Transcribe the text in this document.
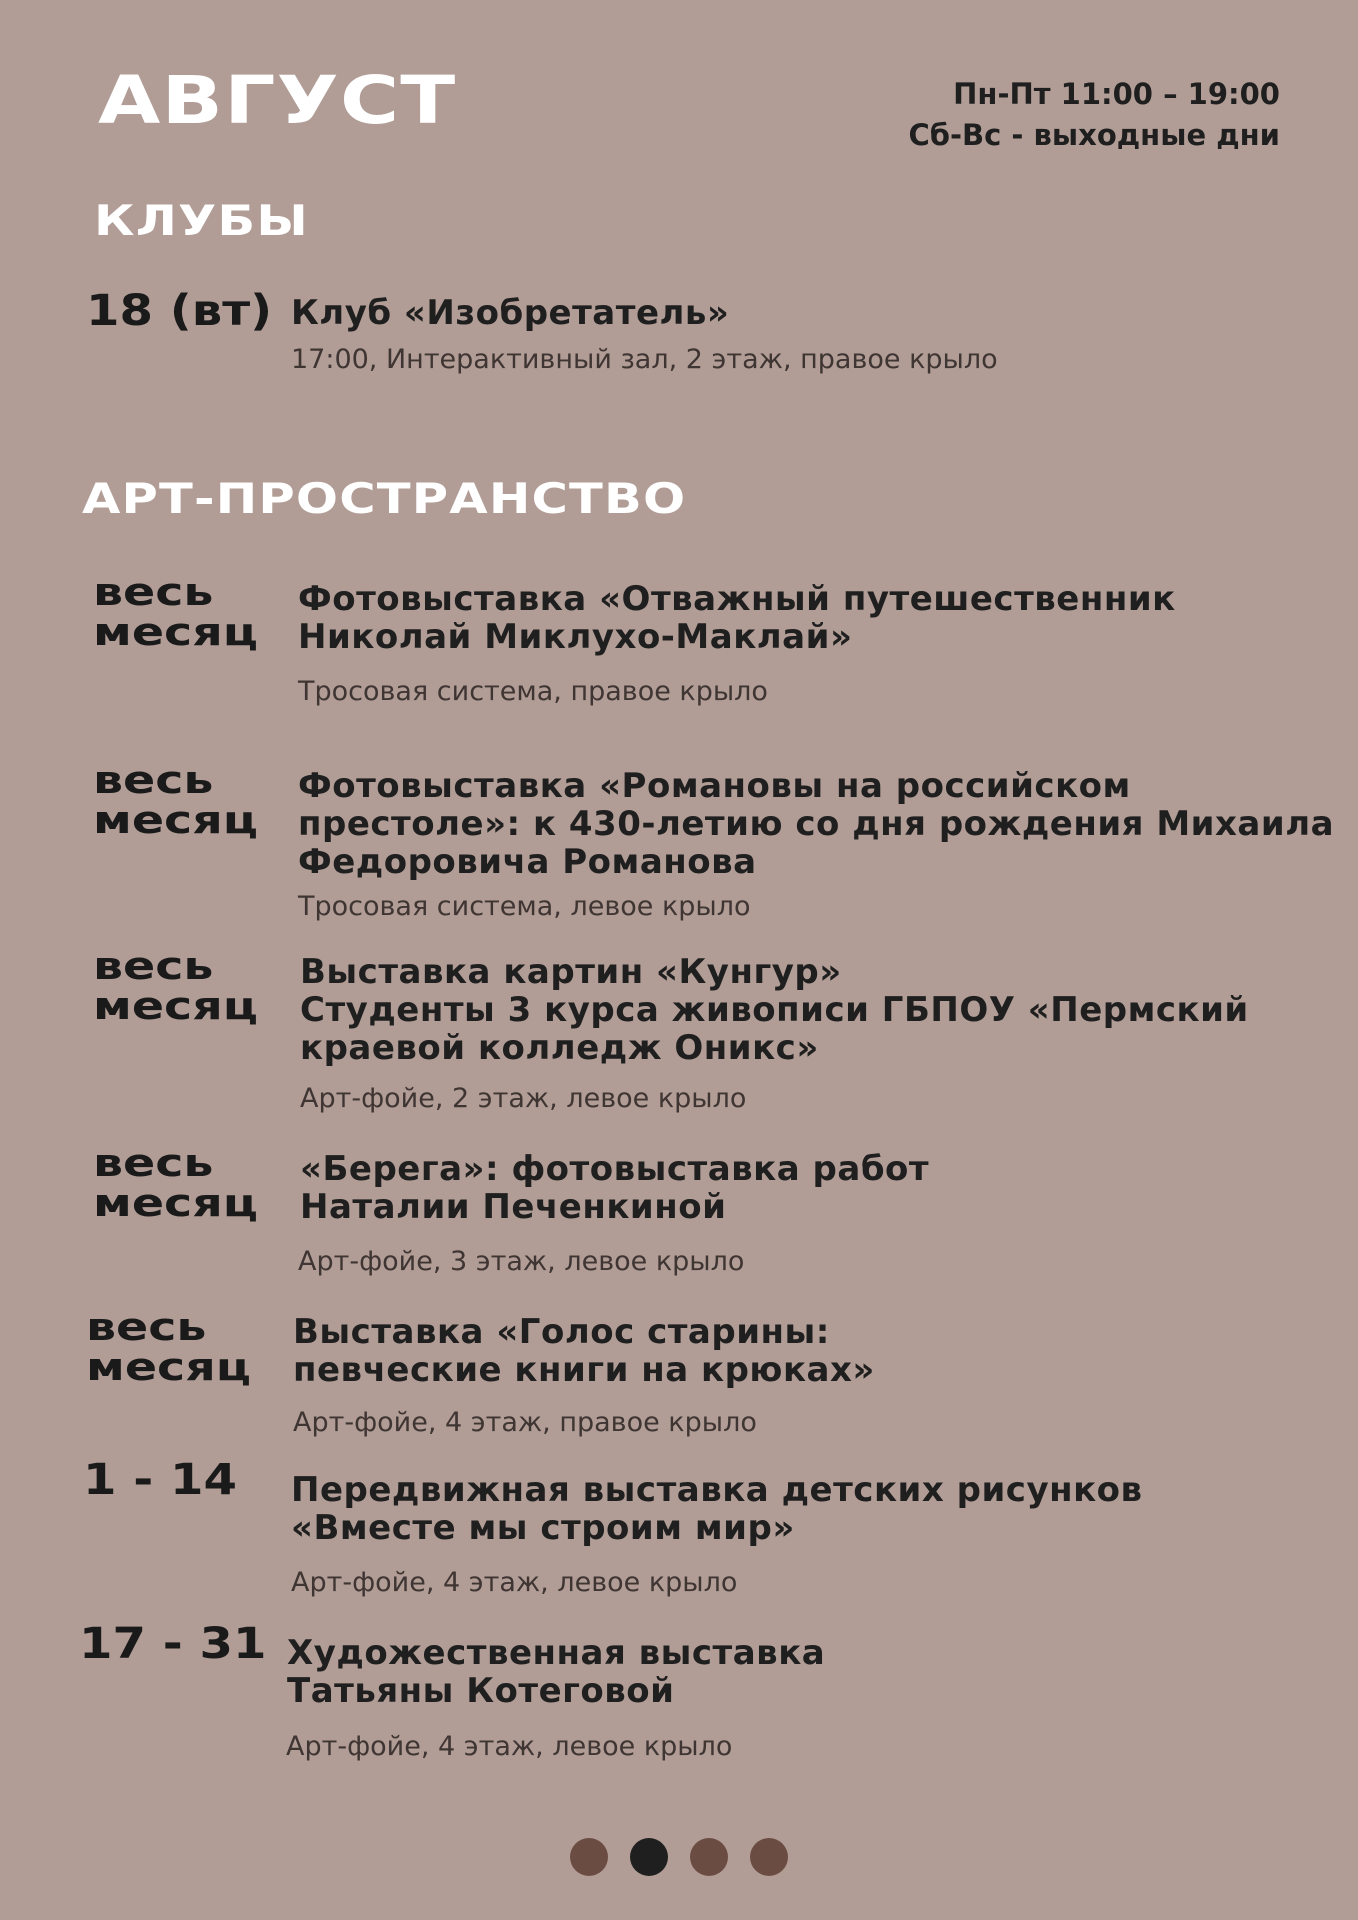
АВГУСТ	Пн-Пт 11:00 – 19:00
Сб-Вс - выходные дни
КЛУБЫ
18 (вт) Клуб «Изобретатель»
17:00, Интерактивный зал, 2 этаж, правое крыло
АРТ-ПРОСТРАНСТВО
весь
месяц
Фотовыставка «Отважный путешественник
Николай Миклухо-Маклай»
Тросовая система, правое крыло
весь
месяц
Фотовыставка «Романовы на российском
престоле»: к 430-летию со дня рождения Михаила
Федоровича Романова
Тросовая система, левое крыло
весь
месяц
Выставка картин «Кунгур»
Студенты 3 курса живописи ГБПОУ «Пермский
краевой колледж Оникс»
Арт-фойе, 2 этаж, левое крыло
весь
месяц
«Берега»: фотовыставка работ
Наталии Печенкиной
Арт-фойе, 3 этаж, левое крыло
весь
месяц
Выставка «Голос старины:
певческие книги на крюках»
Арт-фойе, 4 этаж, правое крыло
1 - 14 Передвижная выставка детских рисунков
«Вместе мы строим мир»
Арт-фойе, 4 этаж, левое крыло
17 - 31 Художественная выставка
Татьяны Котеговой
Арт-фойе, 4 этаж, левое крыло
